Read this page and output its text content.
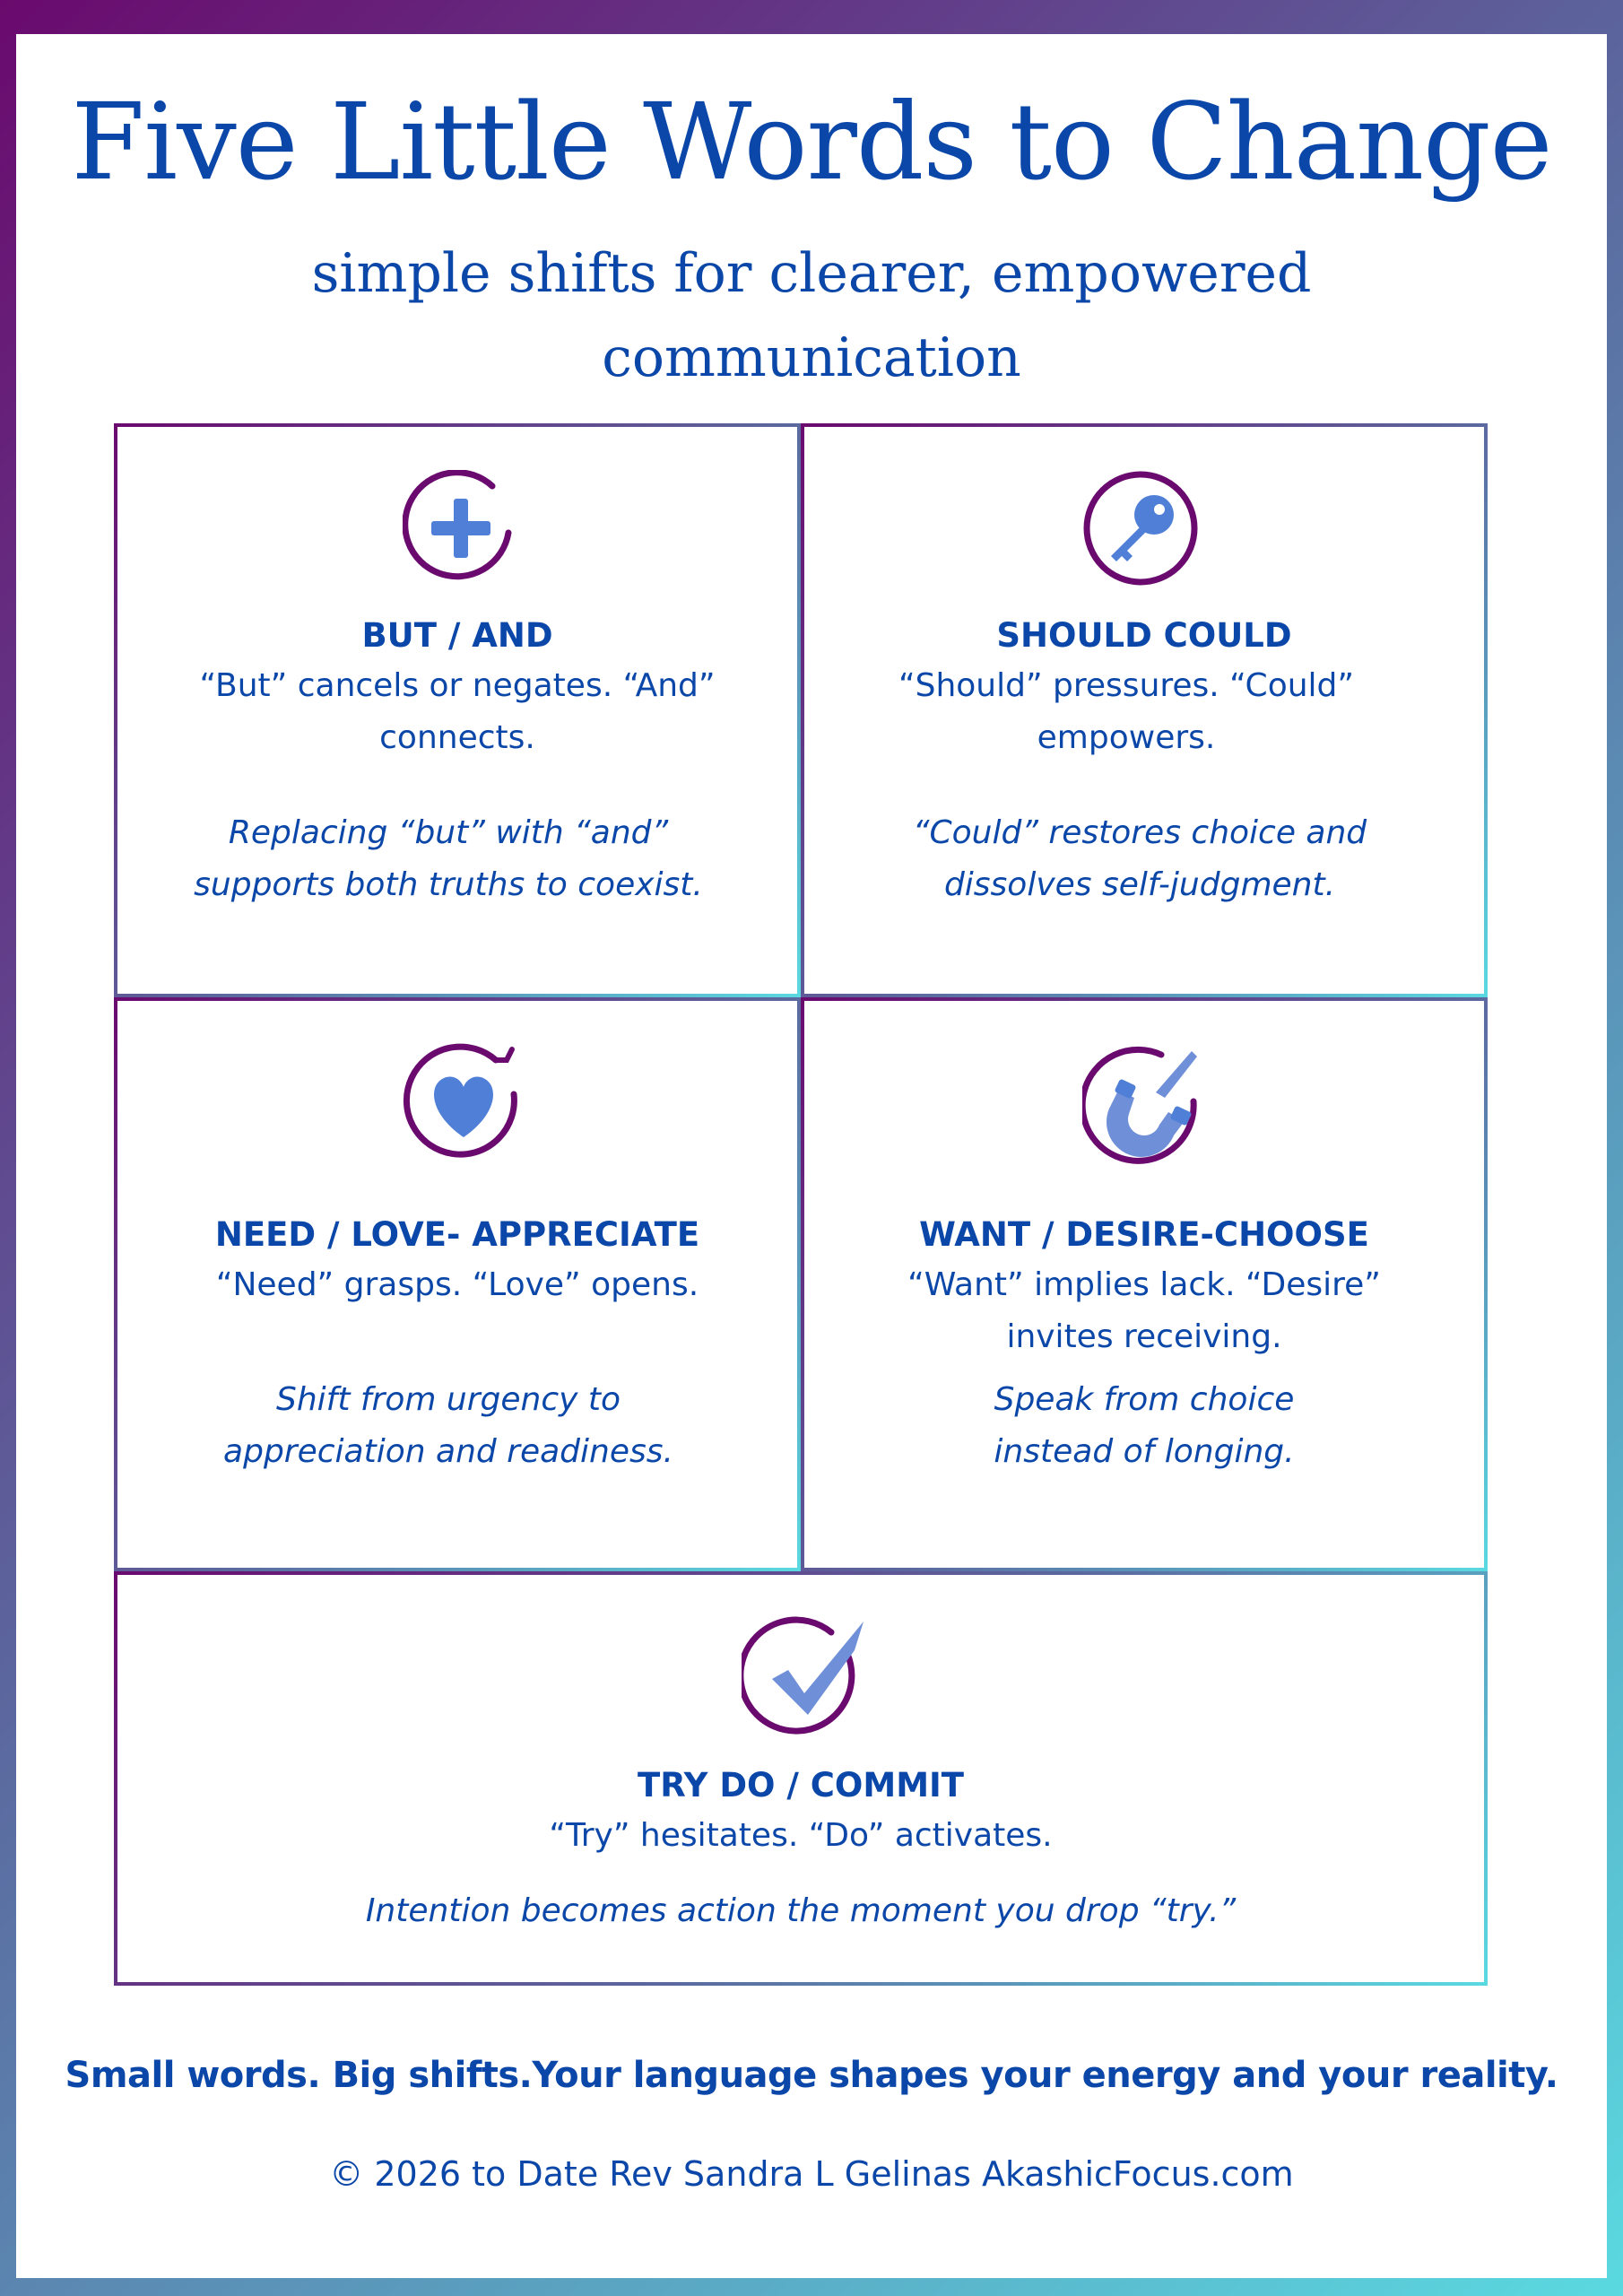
Five Little Words to Change
simple shifts for clearer, empowered communication
BUT / AND
“But” cancels or negates. “And” connects.
Replacing “but” with “and” supports both truths to coexist.
SHOULD COULD
“Should” pressures. “Could” empowers.
“Could” restores choice and dissolves self-judgment.
NEED / LOVE- APPRECIATE
“Need” grasps. “Love” opens.
Shift from urgency to appreciation and readiness.
WANT / DESIRE-CHOOSE
“Want” implies lack. “Desire” invites receiving.
Speak from choice instead of longing.
TRY DO / COMMIT
“Try” hesitates. “Do” activates.
Intention becomes action the moment you drop “try.”
Small words. Big shifts.Your language shapes your energy and your reality.
© 2026 to Date Rev Sandra L Gelinas AkashicFocus.com
